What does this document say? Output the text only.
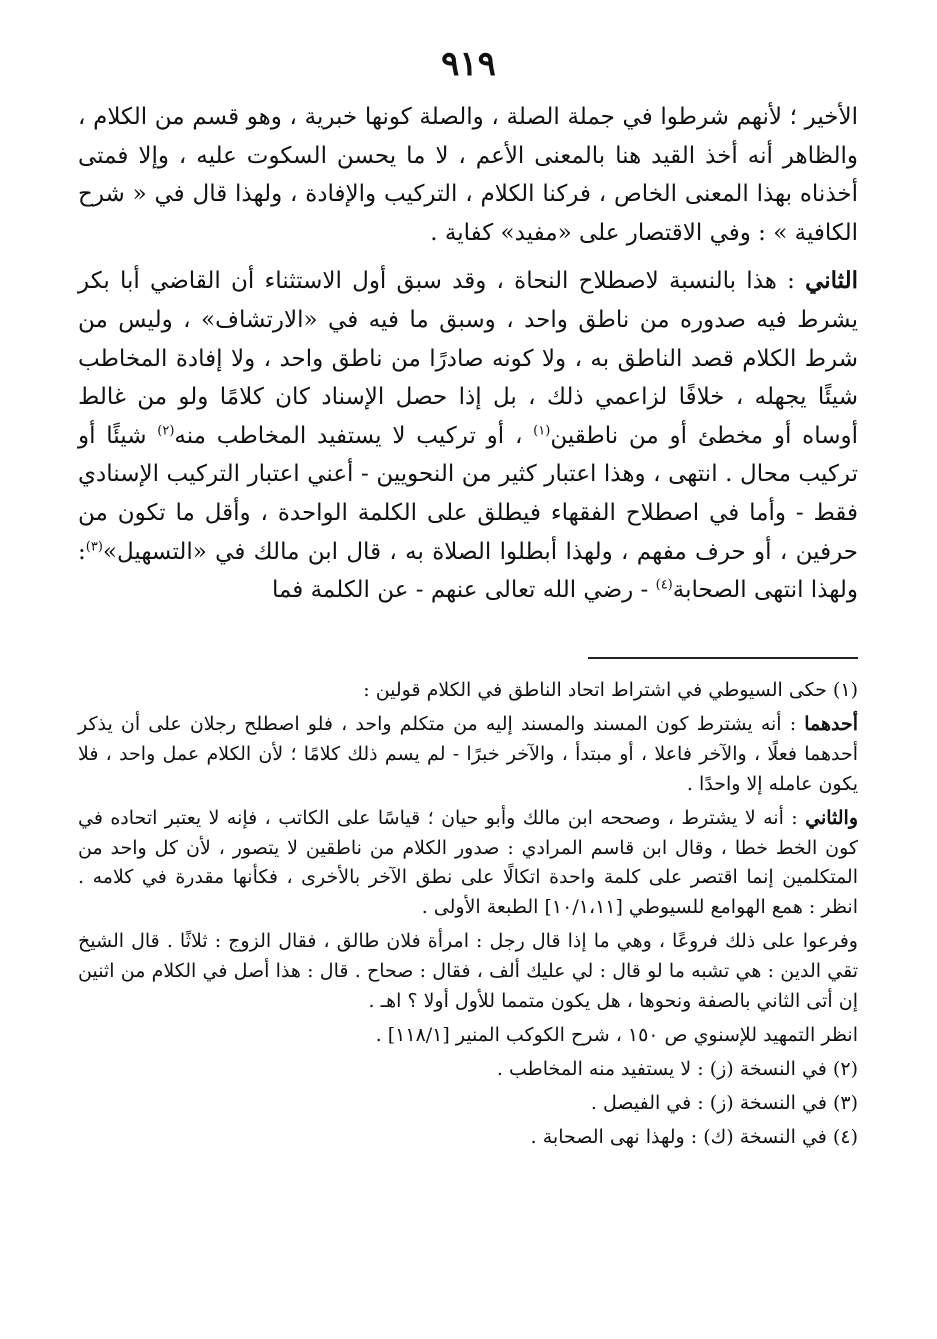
٩١٩

الأخير ؛ لأنهم شرطوا في جملة الصلة ، والصلة كونها خبرية ، وهو قسم من الكلام ، والظاهر أنه أخذ القيد هنا بالمعنى الأعم ، لا ما يحسن السكوت عليه ، وإلا فمتى أخذناه بهذا المعنى الخاص ، فركنا الكلام ، التركيب والإفادة ، ولهذا قال في « شرح الكافية » : وفي الاقتصار على «مفيد» كفاية .

الثاني : هذا بالنسبة لاصطلاح النحاة ، وقد سبق أول الاستثناء أن القاضي أبا بكر يشرط فيه صدوره من ناطق واحد ، وسبق ما فيه في «الارتشاف» ، وليس من شرط الكلام قصد الناطق به ، ولا كونه صادرًا من ناطق واحد ، ولا إفادة المخاطب شيئًا يجهله ، خلافًا لزاعمي ذلك ، بل إذا حصل الإسناد كان كلامًا ولو من غالط أوساه أو مخطئ أو من ناطقين$^{(١)}$ ، أو تركيب لا يستفيد المخاطب منه$^{(٢)}$ شيئًا أو تركيب محال . انتهى ، وهذا اعتبار كثير من النحويين - أعني اعتبار التركيب الإسنادي فقط - وأما في اصطلاح الفقهاء فيطلق على الكلمة الواحدة ، وأقل ما تكون من حرفين ، أو حرف مفهم ، ولهذا أبطلوا الصلاة به ، قال ابن مالك في «التسهيل»$^{(٣)}$: ولهذا انتهى الصحابة$^{(٤)}$ - رضي الله تعالى عنهم - عن الكلمة فما

(١) حكى السيوطي في اشتراط اتحاد الناطق في الكلام قولين :

أحدهما : أنه يشترط كون المسند والمسند إليه من متكلم واحد ، فلو اصطلح رجلان على أن يذكر أحدهما فعلًا ، والآخر فاعلا ، أو مبتدأ ، والآخر خبرًا - لم يسم ذلك كلامًا ؛ لأن الكلام عمل واحد ، فلا يكون عامله إلا واحدًا .

والثاني : أنه لا يشترط ، وصححه ابن مالك وأبو حيان ؛ قياسًا على الكاتب ، فإنه لا يعتبر اتحاده في كون الخط خطا ، وقال ابن قاسم المرادي : صدور الكلام من ناطقين لا يتصور ، لأن كل واحد من المتكلمين إنما اقتصر على كلمة واحدة اتكالًا على نطق الآخر بالأخرى ، فكأنها مقدرة في كلامه . انظر : همع الهوامع للسيوطي [١٠/١،١١] الطبعة الأولى .

وفرعوا على ذلك فروعًا ، وهي ما إذا قال رجل : امرأة فلان طالق ، فقال الزوج : ثلاثًا . قال الشيخ تقي الدين : هي تشبه ما لو قال : لي عليك ألف ، فقال : صحاح . قال : هذا أصل في الكلام من اثنين إن أتى الثاني بالصفة ونحوها ، هل يكون متمما للأول أولا ؟ اهـ .

انظر التمهيد للإسنوي ص ١٥٠ ، شرح الكوكب المنير [١١٨/١] .

(٢) في النسخة (ز) : لا يستفيد منه المخاطب .

(٣) في النسخة (ز) : في الفيصل .

(٤) في النسخة (ك) : ولهذا نهى الصحابة .
